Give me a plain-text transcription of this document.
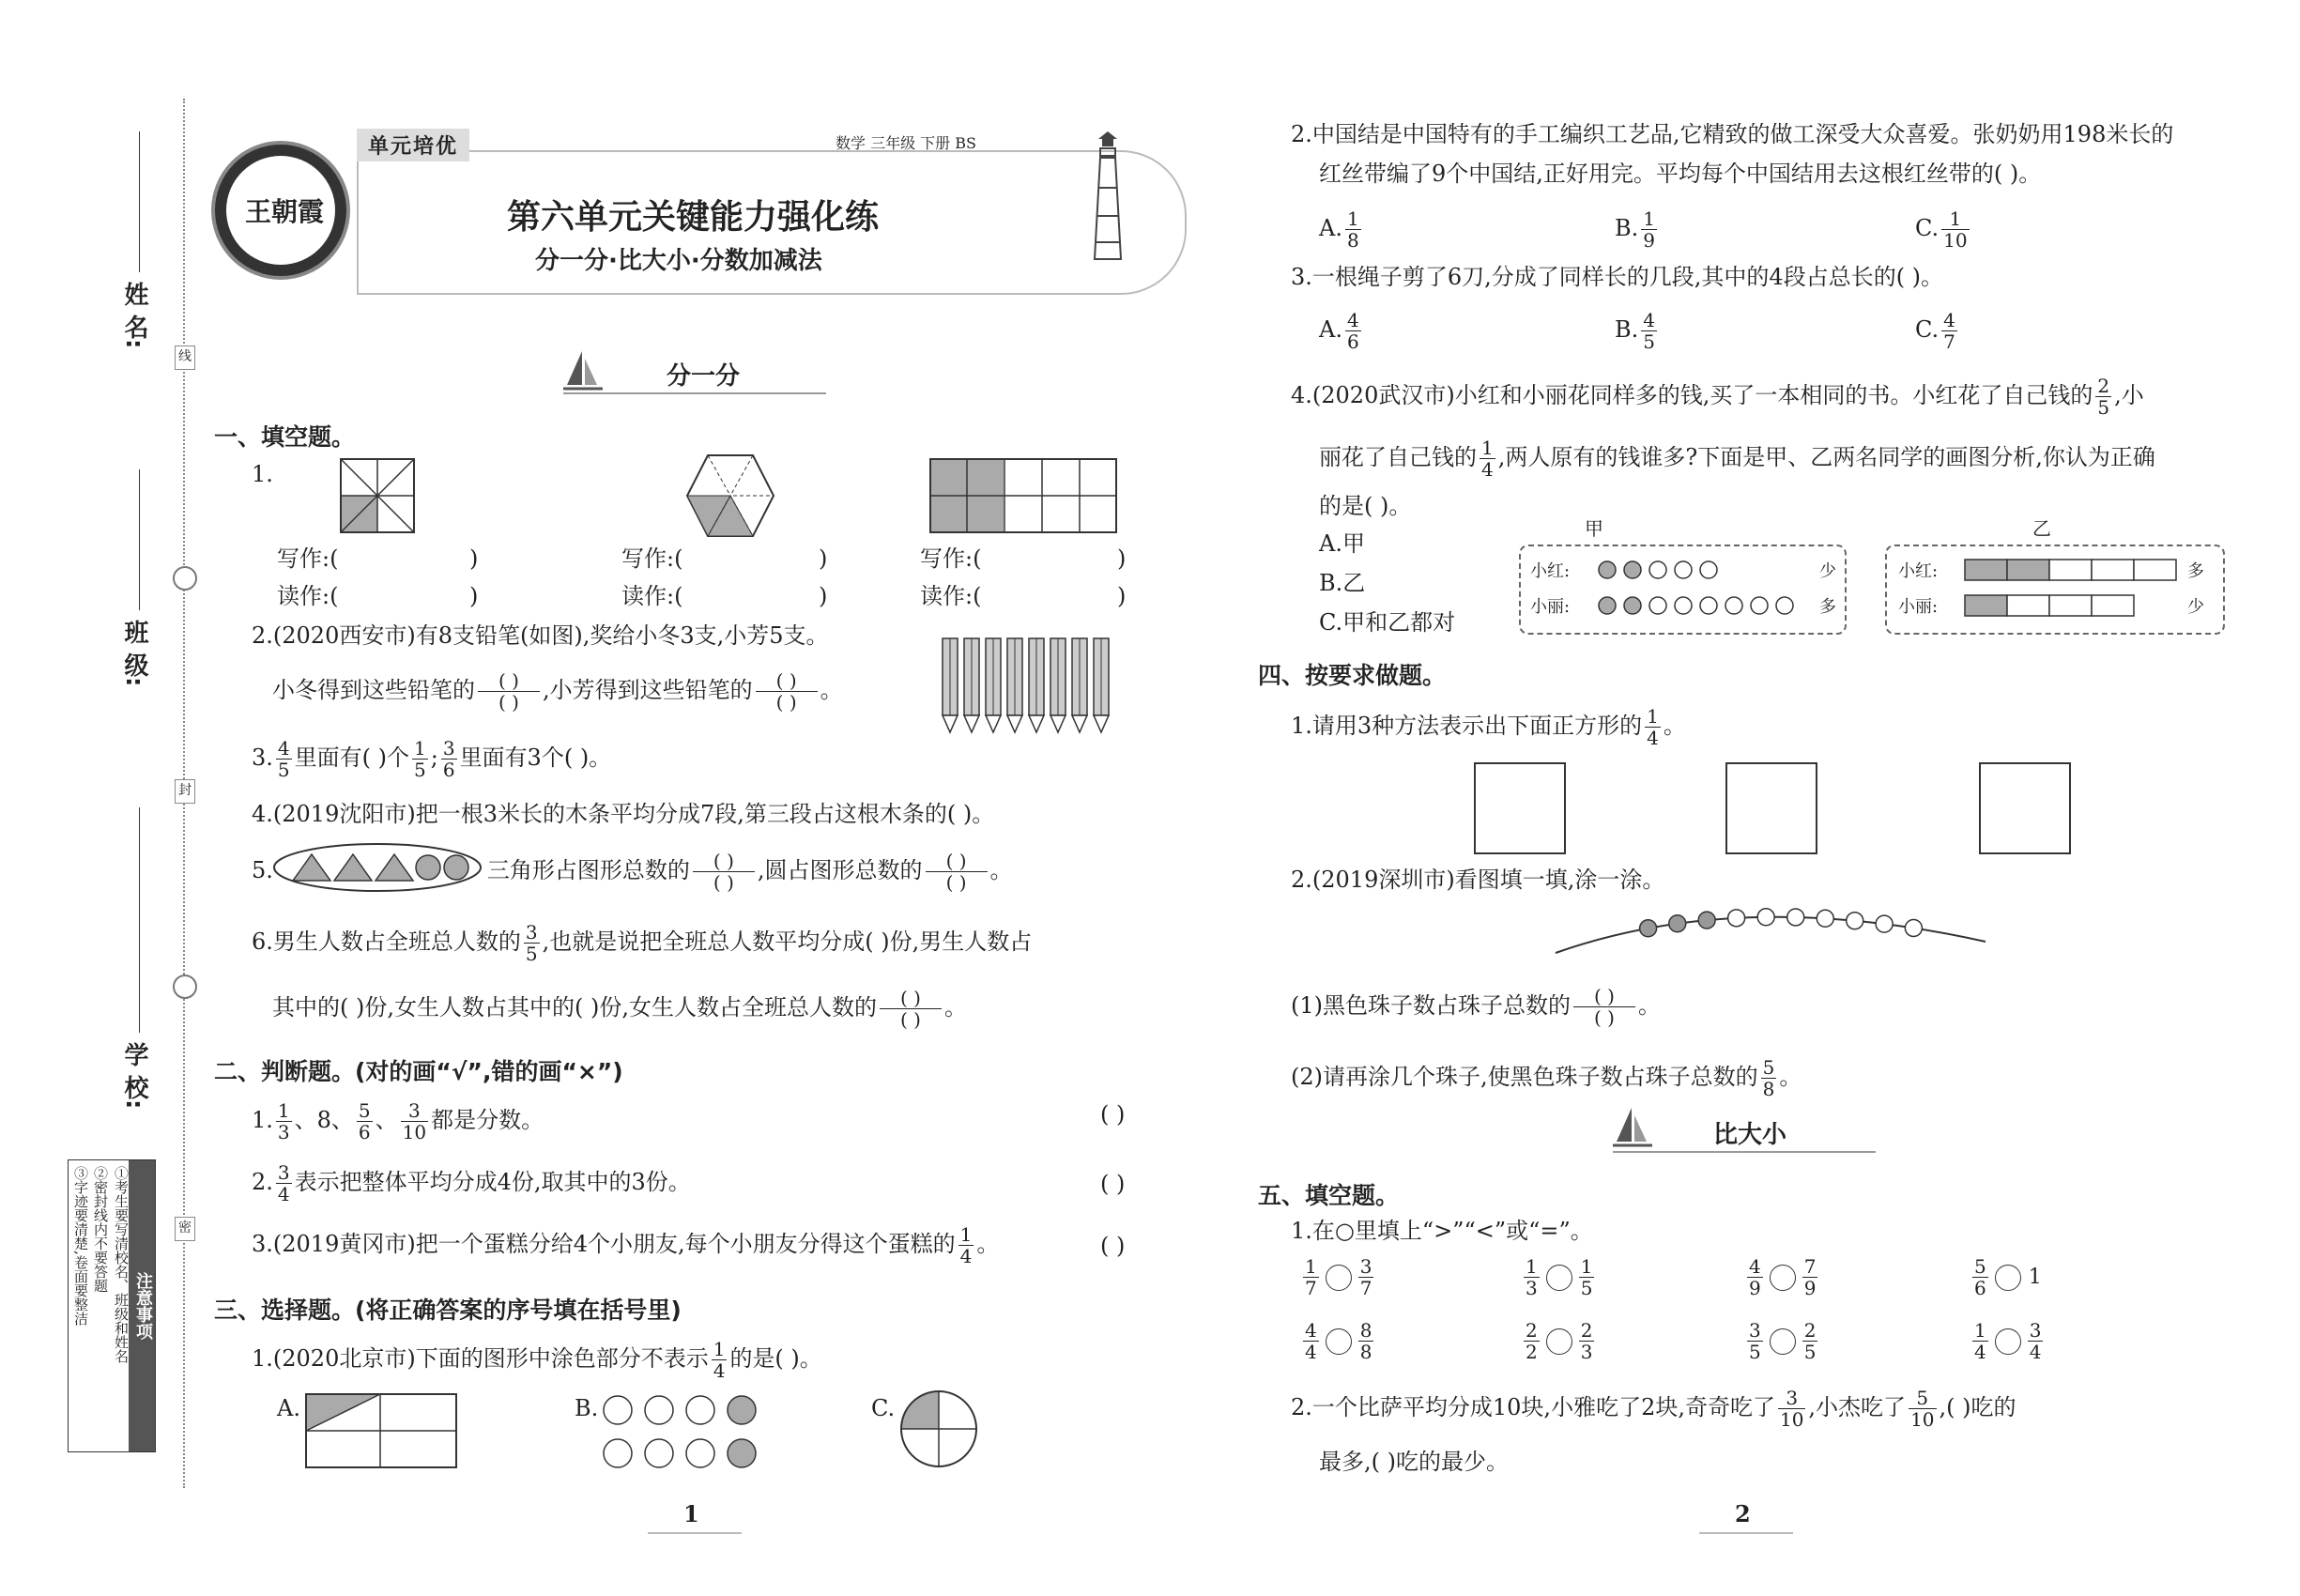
姓 名:
班 级:
学 校:
线
封
密
注意事项
①考生要写清校名、班级和姓名
②密封线内不要答题
③字迹要清楚,卷面要整洁
王朝霞
单元培优	数学 三年级 下册 BS
第六单元关键能力强化练
分一分·比大小·分数加减法
分一分
一、填空题。
1.
写作:(	)	写作:(	)	写作:(	)
读作:(	)	读作:(	)	读作:(	)
2.(2020西安市)有8支铅笔(如图),奖给小冬3支,小芳5支。
小冬得到这些铅笔的	( )
( )	,小芳得到这些铅笔的	( )
( )	。
3. $\frac{4}{5}$ 里面有( )个 $\frac{1}{5}$ ; $\frac{3}{6}$ 里面有3个( )。
4.(2019沈阳市)把一根3米长的木条平均分成7段,第三段占这根木条的( )。
5.	三角形占图形总数的	( )
( )	,圆占图形总数的	( )
( )	。
6.男生人数占全班总人数的 $\frac{3}{5}$ ,也就是说把全班总人数平均分成( )份,男生人数占
其中的( )份,女生人数占其中的( )份,女生人数占全班总人数的	( )
( )	。
二、判断题。(对的画“√”,错的画“×”)
1. $\frac{1}{3}$ 、8、 $\frac{5}{6}$ 、 $\frac{3}{10}$ 都是分数。	( )
2. $\frac{3}{4}$ 表示把整体平均分成4份,取其中的3份。	( )
3.(2019黄冈市)把一个蛋糕分给4个小朋友,每个小朋友分得这个蛋糕的 $\frac{1}{4}$ 。	( )
三、选择题。(将正确答案的序号填在括号里)
1.(2020北京市)下面的图形中涂色部分不表示 $\frac{1}{4}$ 的是( )。
A.	B.	C.
1
2.中国结是中国特有的手工编织工艺品,它精致的做工深受大众喜爱。张奶奶用198米长的
红丝带编了9个中国结,正好用完。平均每个中国结用去这根红丝带的( )。
A. $\frac{1}{8}$	B. $\frac{1}{9}$	C. $\frac{1}{10}$
3.一根绳子剪了6刀,分成了同样长的几段,其中的4段占总长的( )。
A. $\frac{4}{6}$	B. $\frac{4}{5}$	C. $\frac{4}{7}$
4.(2020武汉市)小红和小丽花同样多的钱,买了一本相同的书。小红花了自己钱的 $\frac{2}{5}$ ,小
丽花了自己钱的 $\frac{1}{4}$ ,两人原有的钱谁多?下面是甲、乙两名同学的画图分析,你认为正确
的是( )。
A.甲
B.乙
C.甲和乙都对
甲
小红:
小丽:
少
多
乙
小红:
小丽:
多
少
四、按要求做题。
1.请用3种方法表示出下面正方形的 $\frac{1}{4}$ 。
2.(2019深圳市)看图填一填,涂一涂。
(1)黑色珠子数占珠子总数的	( )
( )	。
(2)请再涂几个珠子,使黑色珠子数占珠子总数的 $\frac{5}{8}$ 。
比大小
五、填空题。
1.在○里填上“>”“<”或“=”。
$\frac{1}{7} \frac{3}{7}$	$\frac{1}{3} \frac{1}{5}$	$\frac{4}{9} \frac{7}{9}$	$\frac{5}{6} 1$
$\frac{4}{4} \frac{8}{8}$	$\frac{2}{2} \frac{2}{3}$	$\frac{3}{5} \frac{2}{5}$	$\frac{1}{4} \frac{3}{4}$
2.一个比萨平均分成10块,小雅吃了2块,奇奇吃了 $\frac{3}{10}$ ,小杰吃了 $\frac{5}{10}$ ,( )吃的
最多,( )吃的最少。
2
